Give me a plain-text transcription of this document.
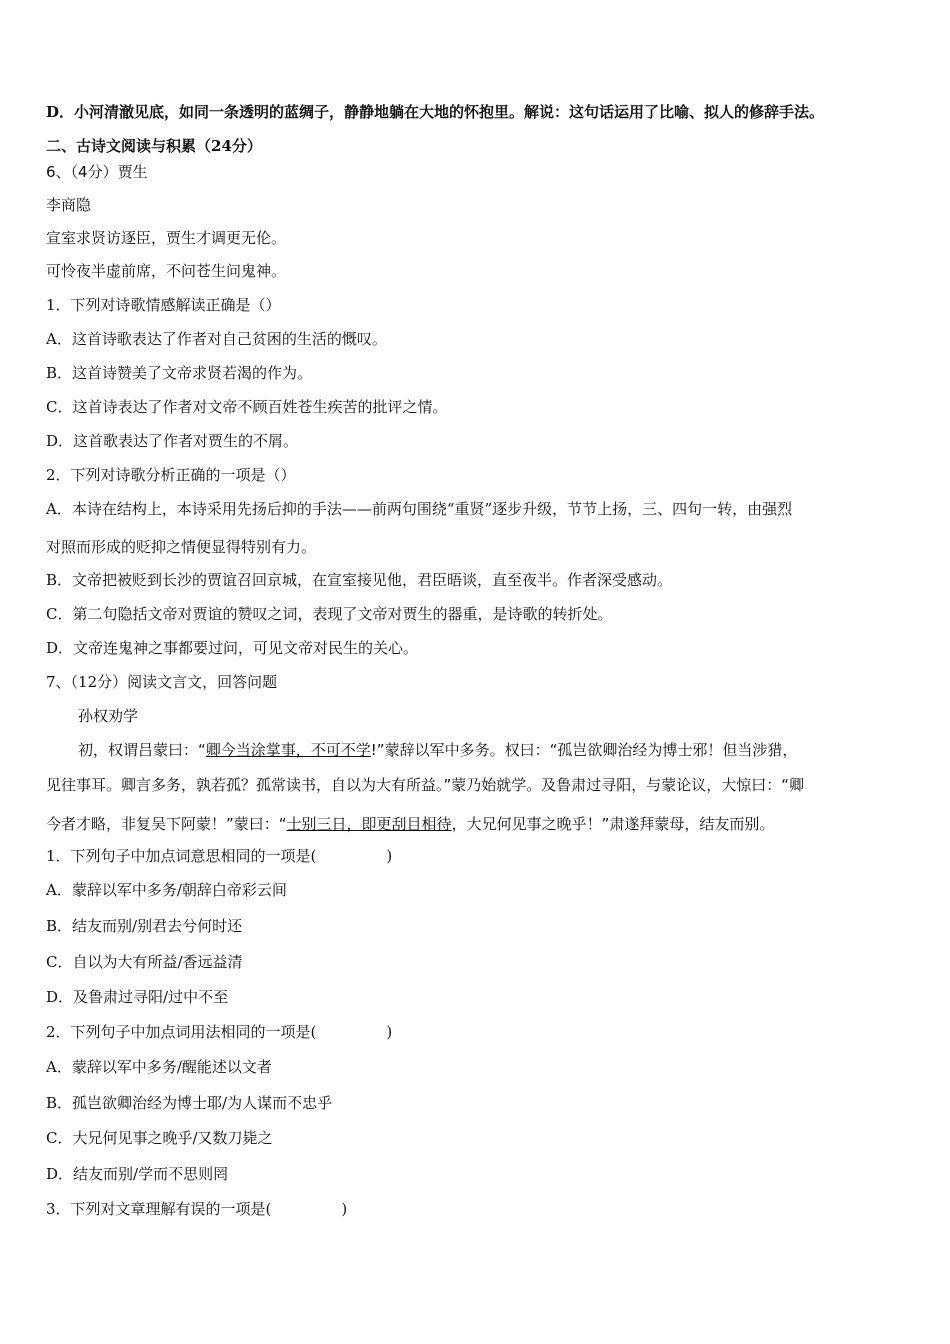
D．小河清澈见底，如同一条透明的蓝绸子，静静地躺在大地的怀抱里。解说：这句话运用了比喻、拟人的修辞手法。
二、古诗文阅读与积累（24分）
6、（4分）贾生
李商隐
宣室求贤访逐臣，贾生才调更无伦。
可怜夜半虚前席，不问苍生问鬼神。
1．下列对诗歌情感解读正确是（）
A．这首诗歌表达了作者对自己贫困的生活的慨叹。
B．这首诗赞美了文帝求贤若渴的作为。
C．这首诗表达了作者对文帝不顾百姓苍生疾苦的批评之情。
D．这首歌表达了作者对贾生的不屑。
2．下列对诗歌分析正确的一项是（）
A．本诗在结构上，本诗采用先扬后抑的手法——前两句围绕“重贤”逐步升级，节节上扬，三、四句一转，由强烈
对照而形成的贬抑之情便显得特别有力。
B．文帝把被贬到长沙的贾谊召回京城，在宣室接见他，君臣晤谈，直至夜半。作者深受感动。
C．第二句隐括文帝对贾谊的赞叹之词，表现了文帝对贾生的器重，是诗歌的转折处。
D．文帝连鬼神之事都要过问，可见文帝对民生的关心。
7、（12分）阅读文言文，回答问题
孙权劝学
初，权谓吕蒙曰：“卿今当涂掌事，不可不学!”蒙辞以军中多务。权曰：“孤岂欲卿治经为博士邪！但当涉猎，
见往事耳。卿言多务，孰若孤？孤常读书，自以为大有所益。”蒙乃始就学。及鲁肃过寻阳，与蒙论议，大惊曰：“卿
今者才略，非复吴下阿蒙！”蒙曰：“士别三日，即更刮目相待，大兄何见事之晚乎！”肃遂拜蒙母，结友而别。
1．下列句子中加点词意思相同的一项是(	)
A．蒙辞以军中多务/朝辞白帝彩云间
B．结友而别/别君去兮何时还
C．自以为大有所益/香远益清
D．及鲁肃过寻阳/过中不至
2．下列句子中加点词用法相同的一项是(	)
A．蒙辞以军中多务/醒能述以文者
B．孤岂欲卿治经为博士耶/为人谋而不忠乎
C．大兄何见事之晚乎/又数刀毙之
D．结友而别/学而不思则罔
3．下列对文章理解有误的一项是(	)
